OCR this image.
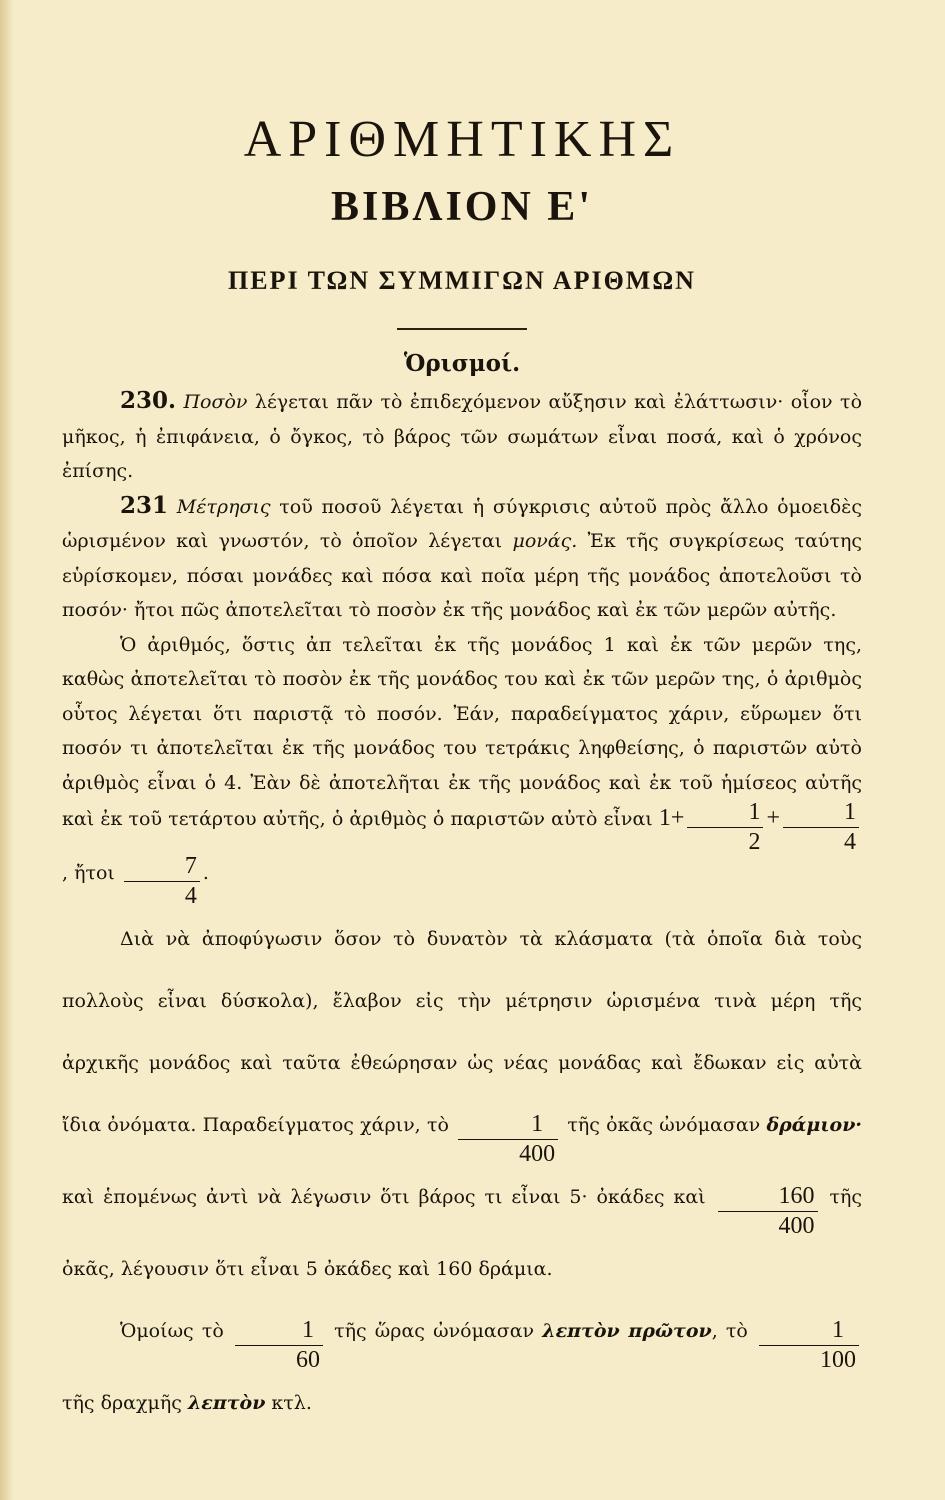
ΑΡΙΘΜΗΤΙΚΗΣ
ΒΙΒΛΙΟΝ Ε'
ΠΕΡΙ ΤΩΝ ΣΥΜΜΙΓΩΝ ΑΡΙΘΜΩΝ
Ὁρισμοί.

230. Ποσὸν λέγεται πᾶν τὸ ἐπιδεχόμενον αὔξησιν καὶ ἐλάττωσιν· οἷον τὸ μῆκος, ἡ ἐπιφάνεια, ὁ ὄγκος, τὸ βάρος τῶν σωμάτων εἶναι ποσά, καὶ ὁ χρόνος ἐπίσης.

231 Μέτρησις τοῦ ποσοῦ λέγεται ἡ σύγκρισις αὐτοῦ πρὸς ἄλλο ὁμοειδὲς ὡρισμένον καὶ γνωστόν, τὸ ὁποῖον λέγεται μονάς. Ἐκ τῆς συγκρίσεως ταύτης εὑρίσκομεν, πόσαι μονάδες καὶ πόσα καὶ ποῖα μέρη τῆς μονάδος ἀποτελοῦσι τὸ ποσόν· ἤτοι πῶς ἀποτελεῖται τὸ ποσὸν ἐκ τῆς μονάδος καὶ ἐκ τῶν μερῶν αὐτῆς.

Ὁ ἀριθμός, ὅστις ἀπ τελεῖται ἐκ τῆς μονάδος 1 καὶ ἐκ τῶν μερῶν της, καθὼς ἀποτελεῖται τὸ ποσὸν ἐκ τῆς μονάδος του καὶ ἐκ τῶν μερῶν της, ὁ ἀριθμὸς οὗτος λέγεται ὅτι παριστᾷ τὸ ποσόν. Ἐάν, παραδείγματος χάριν, εὕρωμεν ὅτι ποσόν τι ἀποτελεῖται ἐκ τῆς μονάδος του τετράκις ληφθείσης, ὁ παριστῶν αὐτὸ ἀριθμὸς εἶναι ὁ 4. Ἐὰν δὲ ἀποτελῆται ἐκ τῆς μονάδος καὶ ἐκ τοῦ ἡμίσεος αὐτῆς καὶ ἐκ τοῦ τετάρτου αὐτῆς, ὁ ἀριθμὸς ὁ παριστῶν αὐτὸ εἶναι $1+ \frac{1}{2} + \frac{1}{4}$
, ἤτοι $\frac{7}{4}$ .

Διὰ νὰ ἀποφύγωσιν ὅσον τὸ δυνατὸν τὰ κλάσματα (τὰ ὁποῖα διὰ τοὺς πολλοὺς εἶναι δύσκολα), ἔλαβον εἰς τὴν μέτρησιν ὡρισμένα τινὰ μέρη τῆς ἀρχικῆς μονάδος καὶ ταῦτα ἐθεώρησαν ὡς νέας μονάδας καὶ ἔδωκαν εἰς αὐτὰ ἴδια ὀνόματα. Παραδείγματος χάριν, τὸ $\frac{1}{400}$ τῆς ὀκᾶς ὠνόμασαν δράμιον· καὶ ἑπομένως ἀντὶ νὰ λέγωσιν ὅτι βάρος τι εἶναι 5· ὀκάδες καὶ $\frac{160}{400}$ τῆς ὀκᾶς, λέγουσιν ὅτι εἶναι 5 ὀκάδες καὶ 160 δράμια.

Ὁμοίως τὸ $\frac{1}{60}$ τῆς ὥρας ὠνόμασαν λεπτὸν πρῶτον, τὸ $\frac{1}{100}$
τῆς δραχμῆς λεπτὸν κτλ.
